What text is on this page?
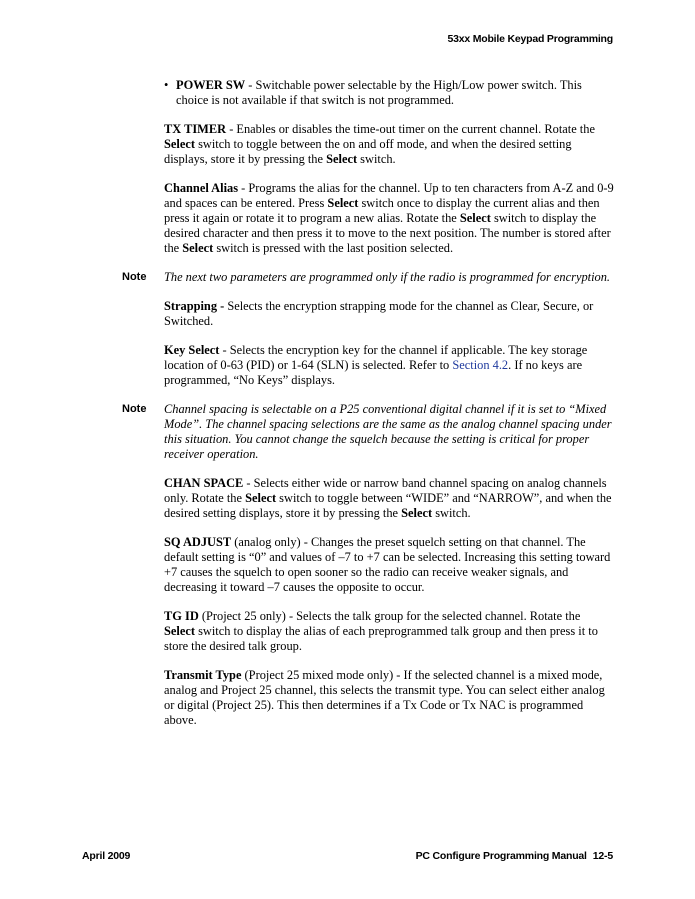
53xx Mobile Keypad Programming

• POWER SW - Switchable power selectable by the High/Low power switch. This choice is not available if that switch is not programmed.

TX TIMER - Enables or disables the time-out timer on the current channel. Rotate the Select switch to toggle between the on and off mode, and when the desired setting displays, store it by pressing the Select switch.

Channel Alias - Programs the alias for the channel. Up to ten characters from A-Z and 0-9 and spaces can be entered. Press Select switch once to display the current alias and then press it again or rotate it to program a new alias. Rotate the Select switch to display the desired character and then press it to move to the next position. The number is stored after the Select switch is pressed with the last position selected.

Note The next two parameters are programmed only if the radio is programmed for encryption.

Strapping - Selects the encryption strapping mode for the channel as Clear, Secure, or Switched.

Key Select - Selects the encryption key for the channel if applicable. The key storage location of 0-63 (PID) or 1-64 (SLN) is selected. Refer to Section 4.2. If no keys are programmed, “No Keys” displays.

Note Channel spacing is selectable on a P25 conventional digital channel if it is set to “Mixed Mode”. The channel spacing selections are the same as the analog channel spacing under this situation. You cannot change the squelch because the setting is critical for proper receiver operation.

CHAN SPACE - Selects either wide or narrow band channel spacing on analog channels only. Rotate the Select switch to toggle between “WIDE” and “NARROW”, and when the desired setting displays, store it by pressing the Select switch.

SQ ADJUST (analog only) - Changes the preset squelch setting on that channel. The default setting is “0” and values of –7 to +7 can be selected. Increasing this setting toward +7 causes the squelch to open sooner so the radio can receive weaker signals, and decreasing it toward –7 causes the opposite to occur.

TG ID (Project 25 only) - Selects the talk group for the selected channel. Rotate the Select switch to display the alias of each preprogrammed talk group and then press it to store the desired talk group.

Transmit Type (Project 25 mixed mode only) - If the selected channel is a mixed mode, analog and Project 25 channel, this selects the transmit type. You can select either analog or digital (Project 25). This then determines if a Tx Code or Tx NAC is programmed above.

April 2009	PC Configure Programming Manual 12-5
